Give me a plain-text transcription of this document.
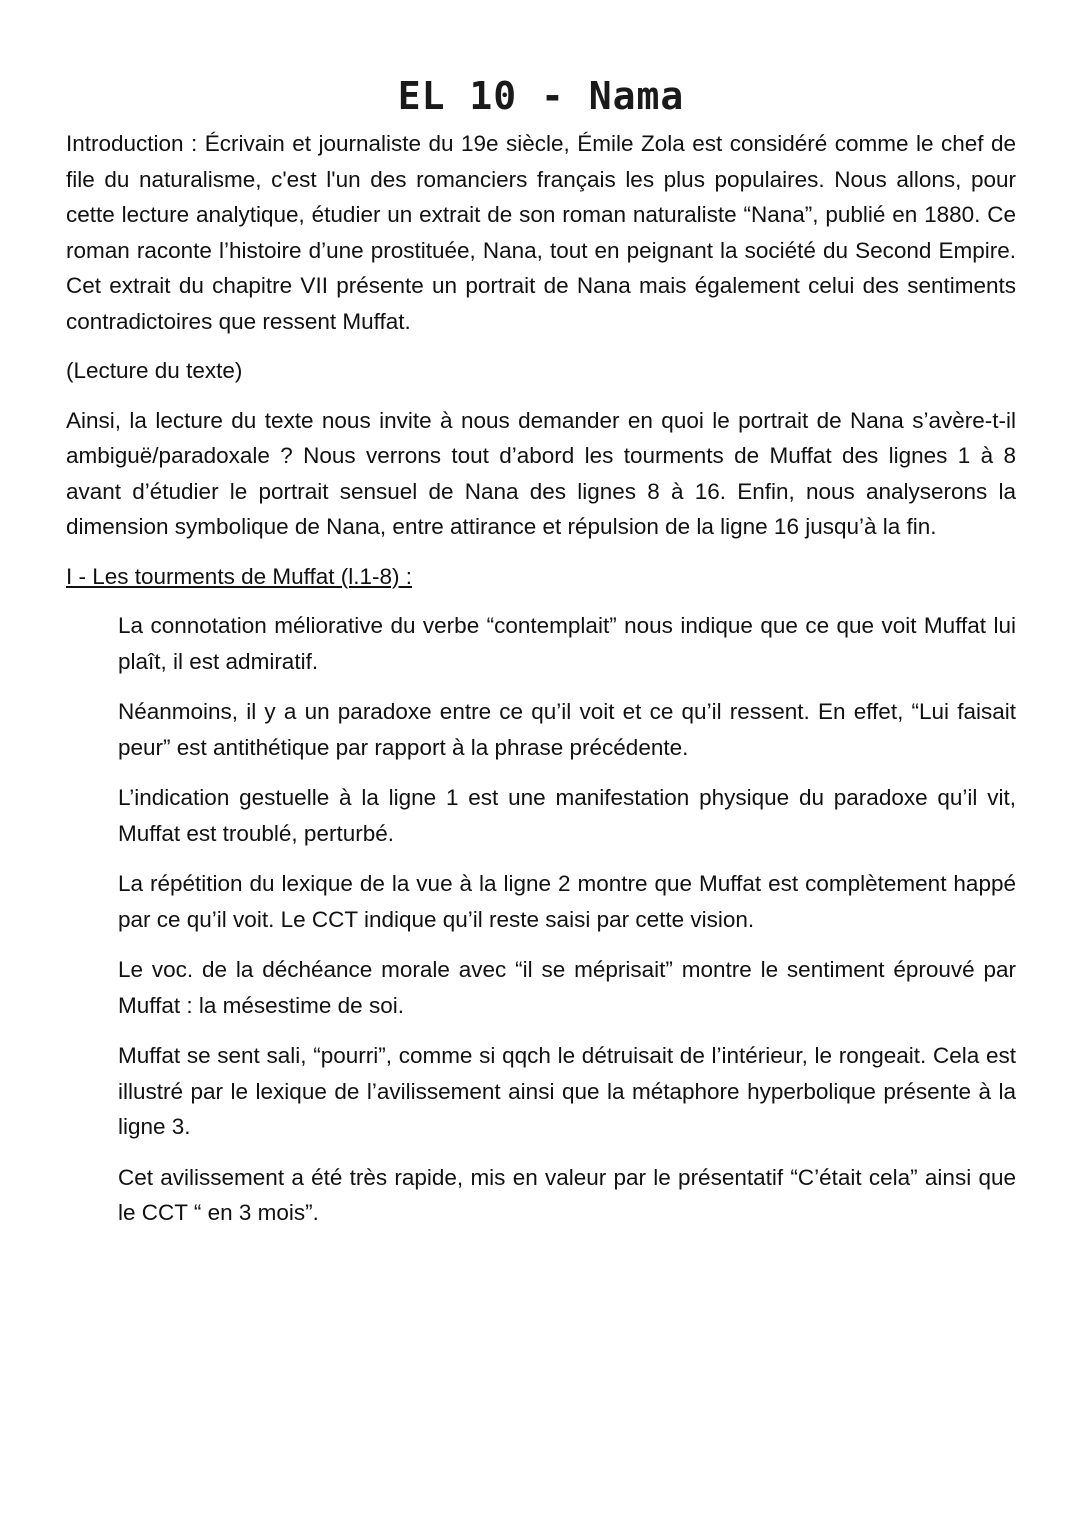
EL 10 - Nama

Introduction : Écrivain et journaliste du 19e siècle, Émile Zola est considéré comme le chef de file du naturalisme, c'est l'un des romanciers français les plus populaires. Nous allons, pour cette lecture analytique, étudier un extrait de son roman naturaliste “Nana”, publié en 1880. Ce roman raconte l’histoire d’une prostituée, Nana, tout en peignant la société du Second Empire. Cet extrait du chapitre VII présente un portrait de Nana mais également celui des sentiments contradictoires que ressent Muffat.

(Lecture du texte)

Ainsi, la lecture du texte nous invite à nous demander en quoi le portrait de Nana s’avère-t-il ambiguë/paradoxale ? Nous verrons tout d’abord les tourments de Muffat des lignes 1 à 8 avant d’étudier le portrait sensuel de Nana des lignes 8 à 16. Enfin, nous analyserons la dimension symbolique de Nana, entre attirance et répulsion de la ligne 16 jusqu’à la fin.

I - Les tourments de Muffat (l.1-8) :

La connotation méliorative du verbe “contemplait” nous indique que ce que voit Muffat lui plaît, il est admiratif.

Néanmoins, il y a un paradoxe entre ce qu’il voit et ce qu’il ressent. En effet, “Lui faisait peur” est antithétique par rapport à la phrase précédente.

L’indication gestuelle à la ligne 1 est une manifestation physique du paradoxe qu’il vit, Muffat est troublé, perturbé.

La répétition du lexique de la vue à la ligne 2 montre que Muffat est complètement happé par ce qu’il voit. Le CCT indique qu’il reste saisi par cette vision.

Le voc. de la déchéance morale avec “il se méprisait” montre le sentiment éprouvé par Muffat : la mésestime de soi.

Muffat se sent sali, “pourri”, comme si qqch le détruisait de l’intérieur, le rongeait. Cela est illustré par le lexique de l’avilissement ainsi que la métaphore hyperbolique présente à la ligne 3.

Cet avilissement a été très rapide, mis en valeur par le présentatif “C’était cela” ainsi que le CCT “ en 3 mois”.
